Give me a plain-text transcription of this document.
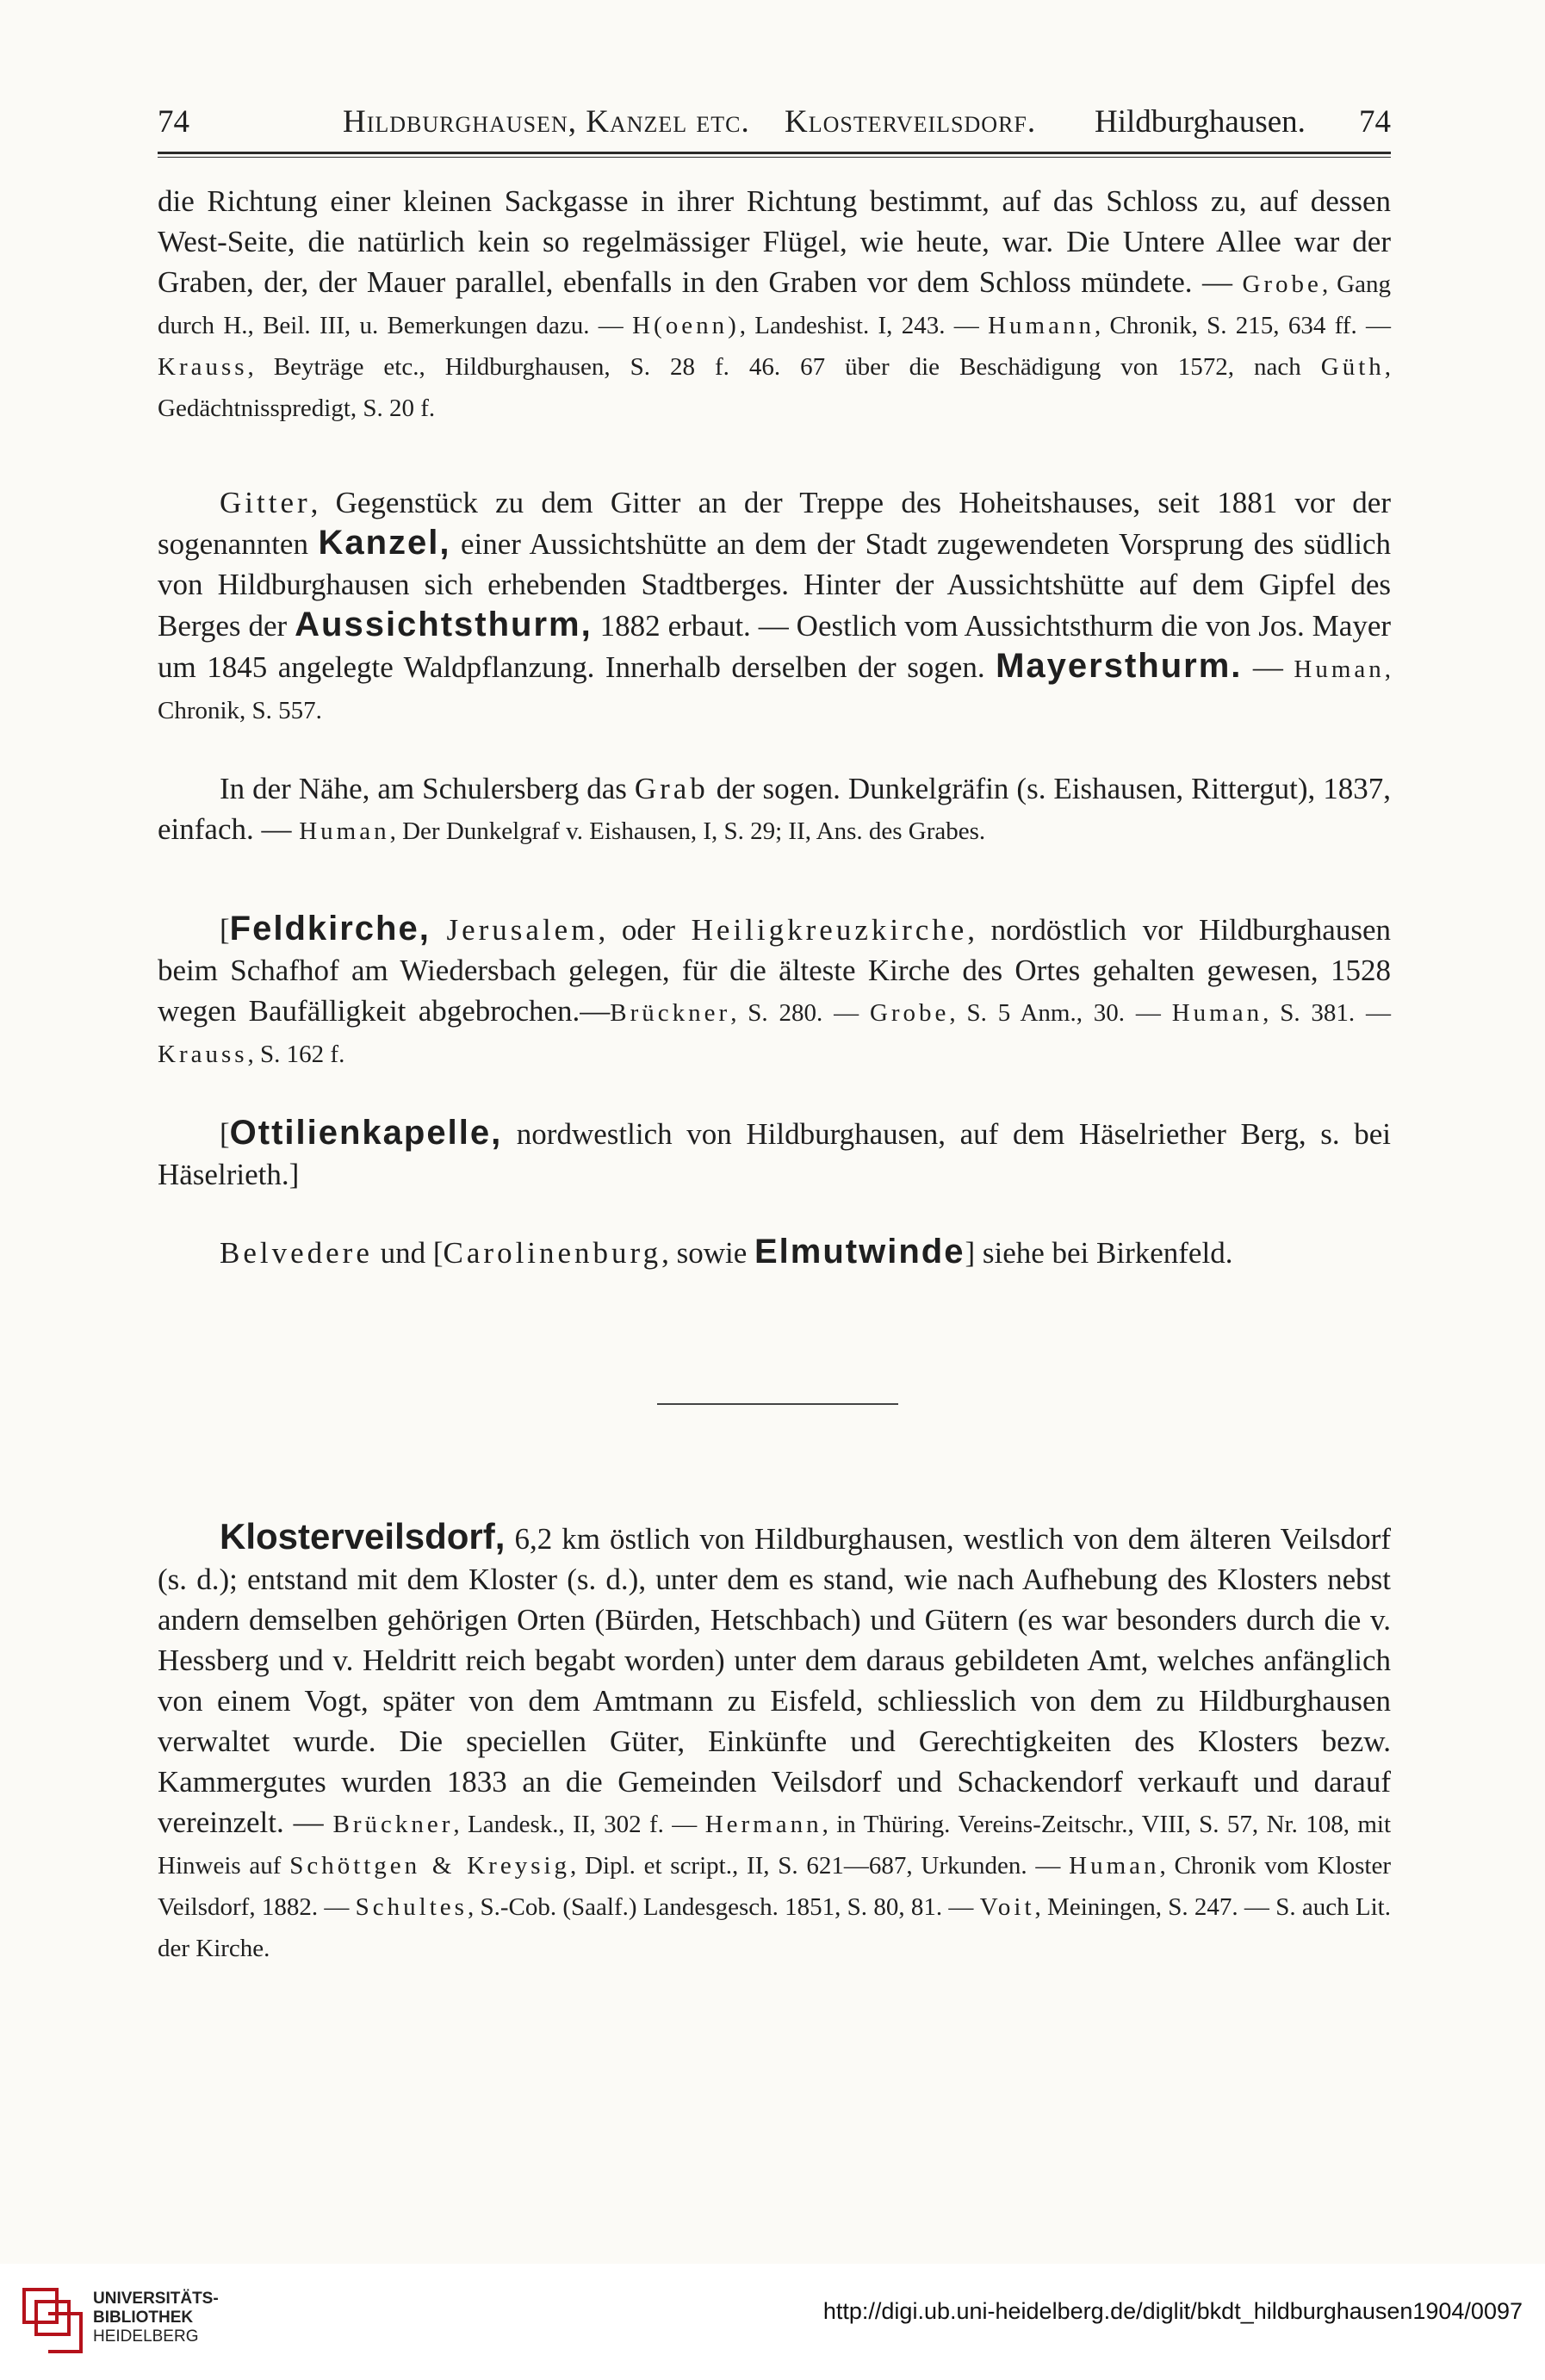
74	Hildburghausen, Kanzel etc. Klosterveilsdorf. Hildburghausen. 74
die Richtung einer kleinen Sackgasse in ihrer Richtung bestimmt, auf das Schloss zu, auf dessen West-Seite, die natürlich kein so regelmässiger Flügel, wie heute, war. Die Untere Allee war der Graben, der, der Mauer parallel, ebenfalls in den Graben vor dem Schloss mündete. — Grobe, Gang durch H., Beil. III, u. Bemerkungen dazu. — H(oenn), Landeshist. I, 243. — Humann, Chronik, S. 215, 634 ff. — Krauss, Beyträge etc., Hildburghausen, S. 28 f. 46. 67 über die Beschädigung von 1572, nach Güth, Gedächtnisspredigt, S. 20 f.
Gitter, Gegenstück zu dem Gitter an der Treppe des Hoheitshauses, seit 1881 vor der sogenannten Kanzel, einer Aussichtshütte an dem der Stadt zugewendeten Vorsprung des südlich von Hildburghausen sich erhebenden Stadtberges. Hinter der Aussichtshütte auf dem Gipfel des Berges der Aussichtsthurm, 1882 erbaut. — Oestlich vom Aussichtsthurm die von Jos. Mayer um 1845 angelegte Waldpflanzung. Innerhalb derselben der sogen. Mayersthurm. — Human, Chronik, S. 557.
In der Nähe, am Schulersberg das Grab der sogen. Dunkelgräfin (s. Eishausen, Rittergut), 1837, einfach. — Human, Der Dunkelgraf v. Eishausen, I, S. 29; II, Ans. des Grabes.
[Feldkirche, Jerusalem, oder Heiligkreuzkirche, nordöstlich vor Hildburghausen beim Schafhof am Wiedersbach gelegen, für die älteste Kirche des Ortes gehalten gewesen, 1528 wegen Baufälligkeit abgebrochen.—Brückner, S. 280. — Grobe, S. 5 Anm., 30. — Human, S. 381. — Krauss, S. 162 f.
[Ottilienkapelle, nordwestlich von Hildburghausen, auf dem Häselriether Berg, s. bei Häselrieth.]
Belvedere und [Carolinenburg, sowie Elmutwinde] siehe bei Birkenfeld.
Klosterveilsdorf, 6,2 km östlich von Hildburghausen, westlich von dem älteren Veilsdorf (s. d.); entstand mit dem Kloster (s. d.), unter dem es stand, wie nach Aufhebung des Klosters nebst andern demselben gehörigen Orten (Bürden, Hetschbach) und Gütern (es war besonders durch die v. Hessberg und v. Heldritt reich begabt worden) unter dem daraus gebildeten Amt, welches anfänglich von einem Vogt, später von dem Amtmann zu Eisfeld, schliesslich von dem zu Hildburghausen verwaltet wurde. Die speciellen Güter, Einkünfte und Gerechtigkeiten des Klosters bezw. Kammergutes wurden 1833 an die Gemeinden Veilsdorf und Schackendorf verkauft und darauf vereinzelt. — Brückner, Landesk., II, 302 f. — Hermann, in Thüring. Vereins-Zeitschr., VIII, S. 57, Nr. 108, mit Hinweis auf Schöttgen & Kreysig, Dipl. et script., II, S. 621—687, Urkunden. — Human, Chronik vom Kloster Veilsdorf, 1882. — Schultes, S.-Cob. (Saalf.) Landesgesch. 1851, S. 80, 81. — Voit, Meiningen, S. 247. — S. auch Lit. der Kirche.
UNIVERSITÄTS-
BIBLIOTHEK
HEIDELBERG
http://digi.ub.uni-heidelberg.de/diglit/bkdt_hildburghausen1904/0097
